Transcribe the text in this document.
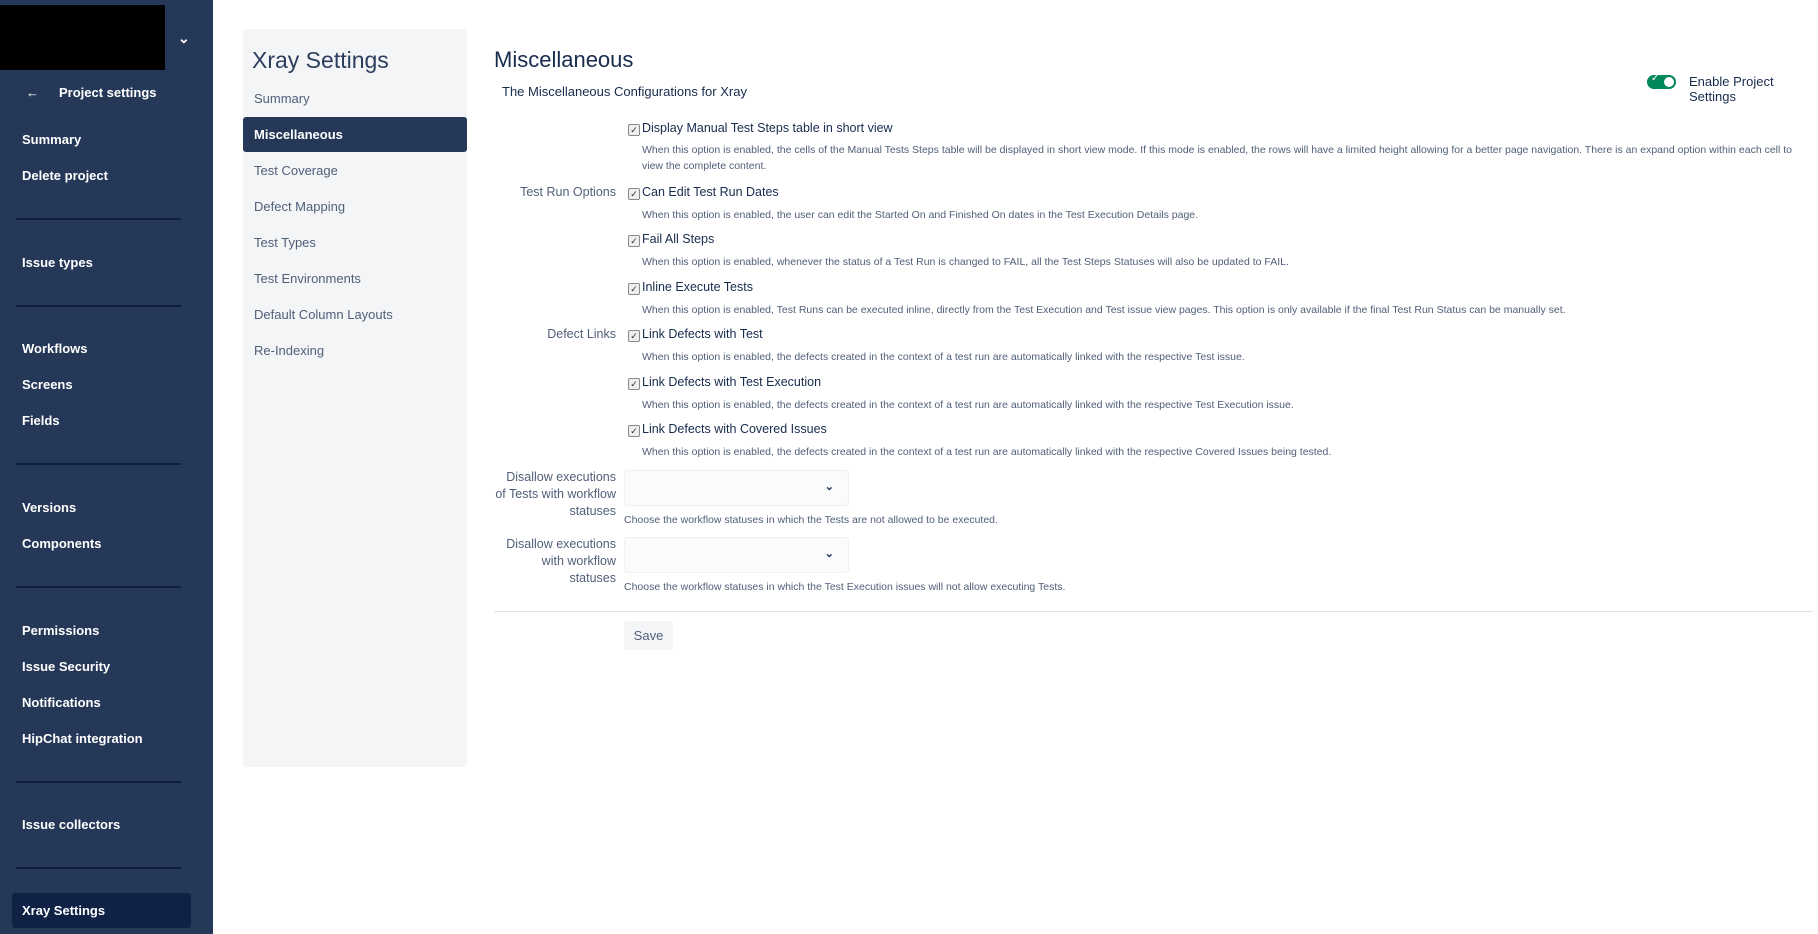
⌄
← Project settings
Summary
Delete project
Issue types
Workflows
Screens
Fields
Versions
Components
Permissions
Issue Security
Notifications
HipChat integration
Issue collectors
Xray Settings
Xray Settings
Summary
Miscellaneous
Test Coverage
Defect Mapping
Test Types
Test Environments
Default Column Layouts
Re-Indexing
Miscellaneous
The Miscellaneous Configurations for Xray
✓ Enable Project Settings
Test Run Options
Defect Links
✓ Display Manual Test Steps table in short view
When this option is enabled, the cells of the Manual Tests Steps table will be displayed in short view mode. If this mode is enabled, the rows will have a limited height allowing for a better page navigation. There is an expand option within each cell to view the complete content.
✓ Can Edit Test Run Dates
When this option is enabled, the user can edit the Started On and Finished On dates in the Test Execution Details page.
✓ Fail All Steps
When this option is enabled, whenever the status of a Test Run is changed to FAIL, all the Test Steps Statuses will also be updated to FAIL.
✓ Inline Execute Tests
When this option is enabled, Test Runs can be executed inline, directly from the Test Execution and Test issue view pages. This option is only available if the final Test Run Status can be manually set.
✓ Link Defects with Test
When this option is enabled, the defects created in the context of a test run are automatically linked with the respective Test issue.
✓ Link Defects with Test Execution
When this option is enabled, the defects created in the context of a test run are automatically linked with the respective Test Execution issue.
✓ Link Defects with Covered Issues
When this option is enabled, the defects created in the context of a test run are automatically linked with the respective Covered Issues being tested.
Disallow executions
of Tests with workflow
statuses
⌄
Choose the workflow statuses in which the Tests are not allowed to be executed.
Disallow executions
with workflow
statuses
⌄
Choose the workflow statuses in which the Test Execution issues will not allow executing Tests.
Save
